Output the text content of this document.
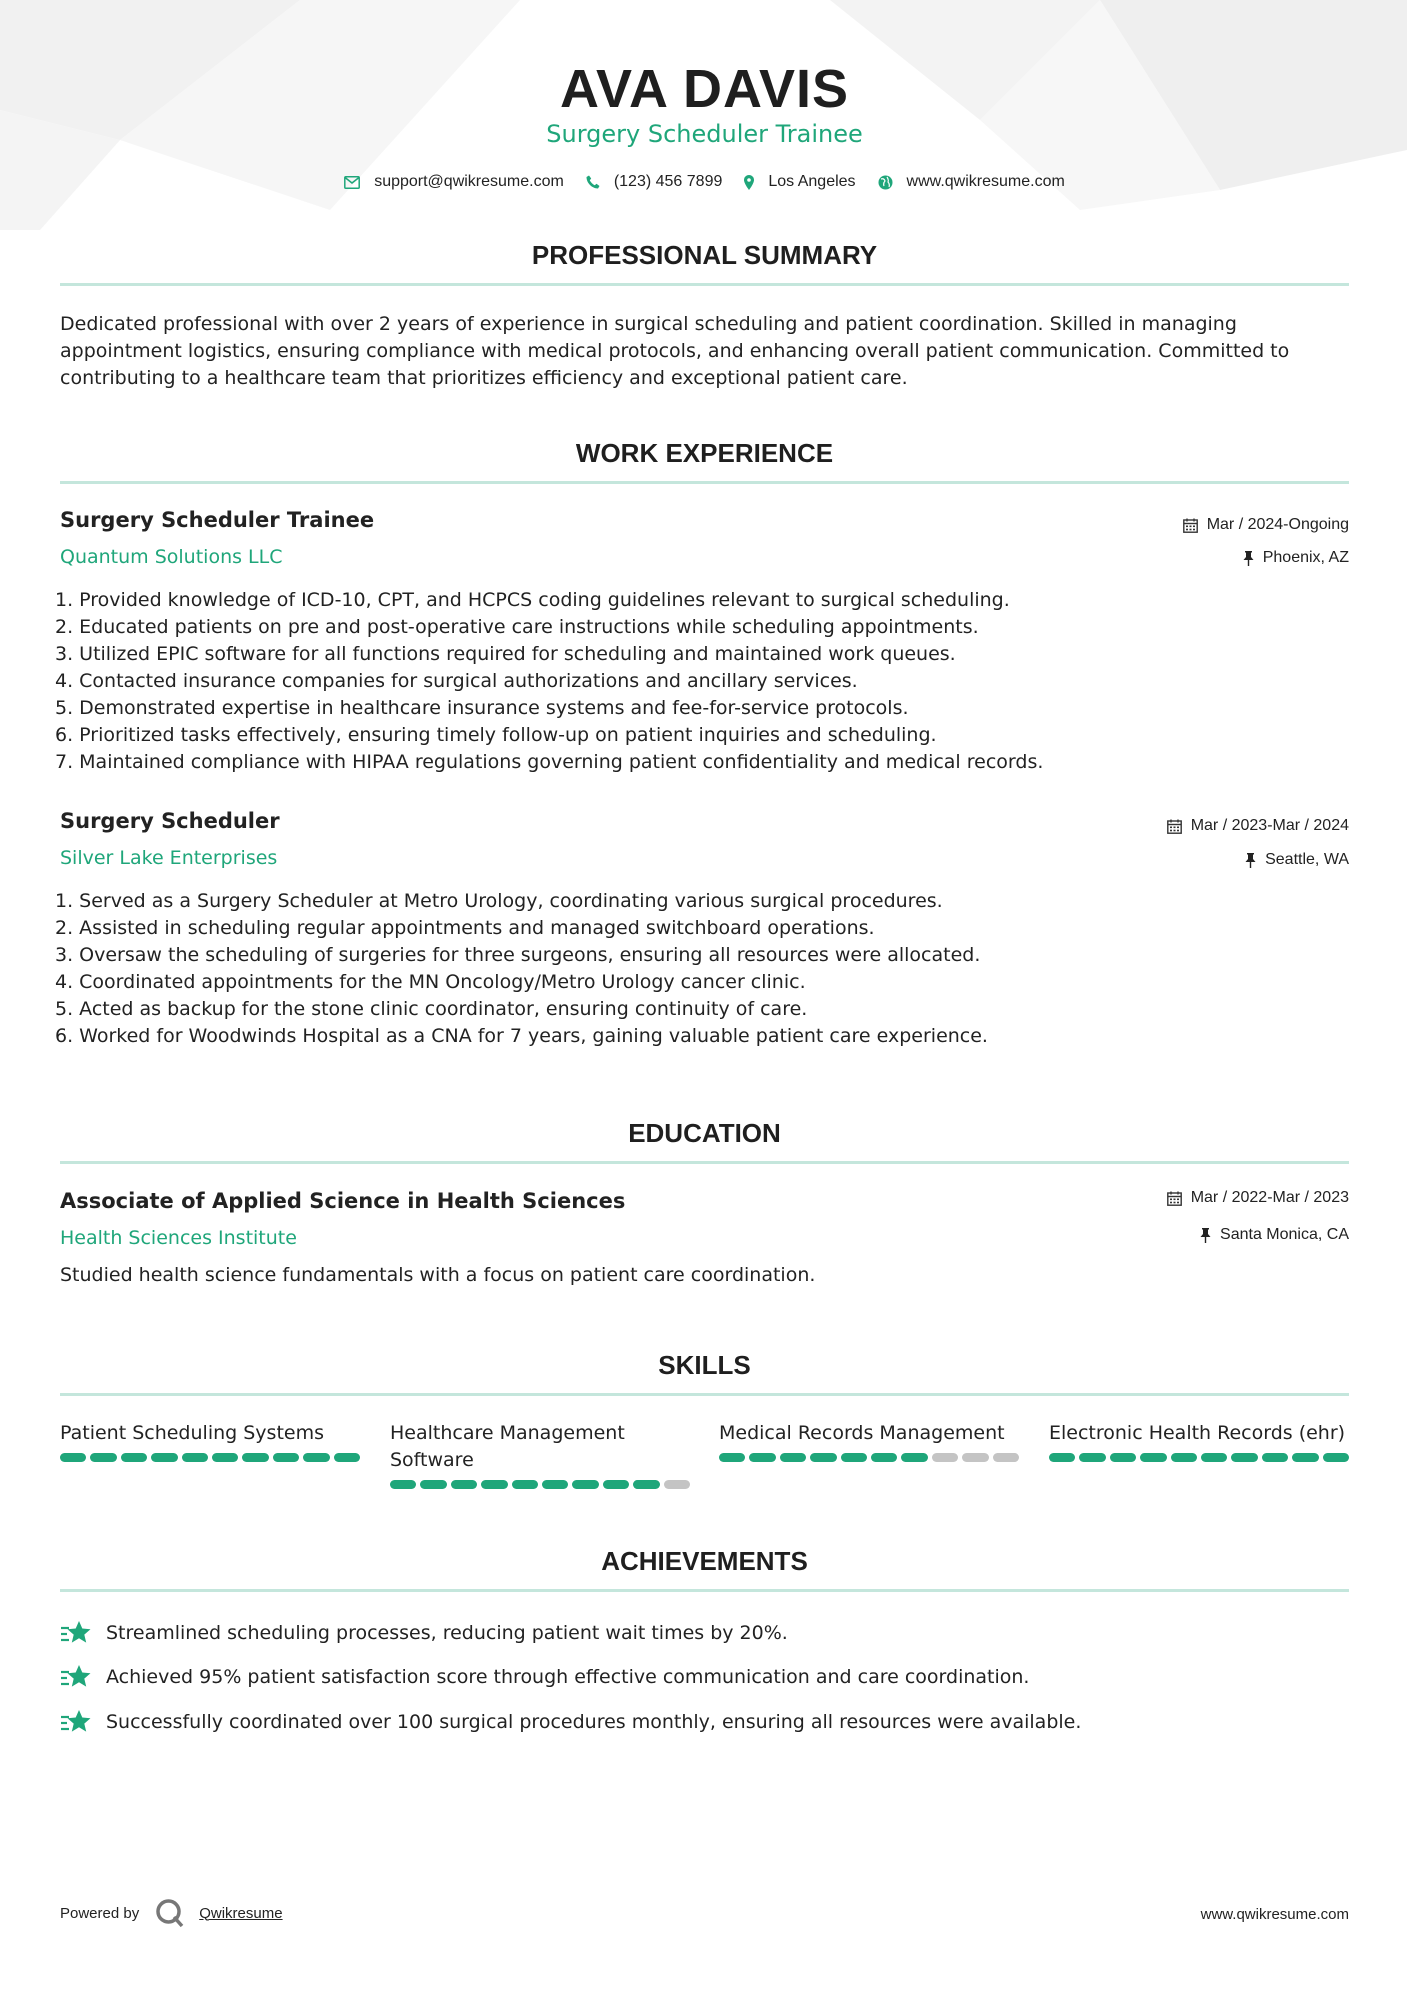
AVA DAVIS
Surgery Scheduler Trainee
support@qwikresume.com	(123) 456 7899	Los Angeles	www.qwikresume.com
PROFESSIONAL SUMMARY
Dedicated professional with over 2 years of experience in surgical scheduling and patient coordination. Skilled in managing appointment logistics, ensuring compliance with medical protocols, and enhancing overall patient communication. Committed to contributing to a healthcare team that prioritizes efficiency and exceptional patient care.
WORK EXPERIENCE
Surgery Scheduler Trainee	Mar / 2024-Ongoing
Quantum Solutions LLC	Phoenix, AZ
1. Provided knowledge of ICD-10, CPT, and HCPCS coding guidelines relevant to surgical scheduling.
2. Educated patients on pre and post-operative care instructions while scheduling appointments.
3. Utilized EPIC software for all functions required for scheduling and maintained work queues.
4. Contacted insurance companies for surgical authorizations and ancillary services.
5. Demonstrated expertise in healthcare insurance systems and fee-for-service protocols.
6. Prioritized tasks effectively, ensuring timely follow-up on patient inquiries and scheduling.
7. Maintained compliance with HIPAA regulations governing patient confidentiality and medical records.
Surgery Scheduler	Mar / 2023-Mar / 2024
Silver Lake Enterprises	Seattle, WA
1. Served as a Surgery Scheduler at Metro Urology, coordinating various surgical procedures.
2. Assisted in scheduling regular appointments and managed switchboard operations.
3. Oversaw the scheduling of surgeries for three surgeons, ensuring all resources were allocated.
4. Coordinated appointments for the MN Oncology/Metro Urology cancer clinic.
5. Acted as backup for the stone clinic coordinator, ensuring continuity of care.
6. Worked for Woodwinds Hospital as a CNA for 7 years, gaining valuable patient care experience.
EDUCATION
Associate of Applied Science in Health Sciences	Mar / 2022-Mar / 2023
Health Sciences Institute	Santa Monica, CA
Studied health science fundamentals with a focus on patient care coordination.
SKILLS
Patient Scheduling Systems	Healthcare Management Software
Medical Records Management	Electronic Health Records (ehr)
ACHIEVEMENTS
Streamlined scheduling processes, reducing patient wait times by 20%.
Achieved 95% patient satisfaction score through effective communication and care coordination.
Successfully coordinated over 100 surgical procedures monthly, ensuring all resources were available.
Powered by	Qwikresume	www.qwikresume.com
